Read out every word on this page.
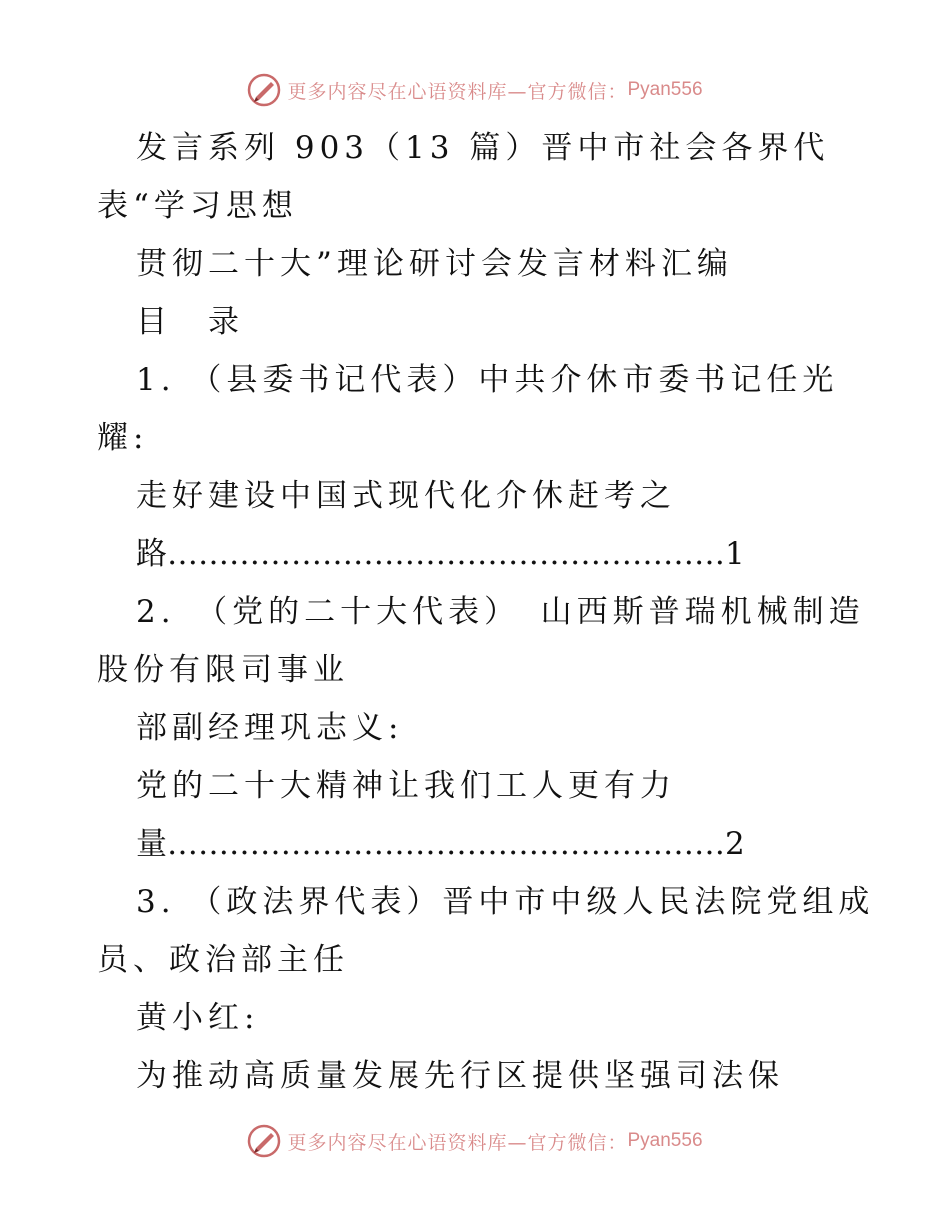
更多内容尽在心语资料库—官方微信： Pyan556
发言系列 903（13 篇）晋中市社会各界代
表“学习思想
贯彻二十大”理论研讨会发言材料汇编
目　录
1. （县委书记代表）中共介休市委书记任光
耀:
走好建设中国式现代化介休赶考之
路………………………………………………1
2.　（党的二十大代表）　山西斯普瑞机械制造
股份有限司事业
部副经理巩志义:
党的二十大精神让我们工人更有力
量………………………………………………2
3. （政法界代表）晋中市中级人民法院党组成
员、政治部主任
黄小红:
为推动高质量发展先行区提供坚强司法保
更多内容尽在心语资料库—官方微信： Pyan556
